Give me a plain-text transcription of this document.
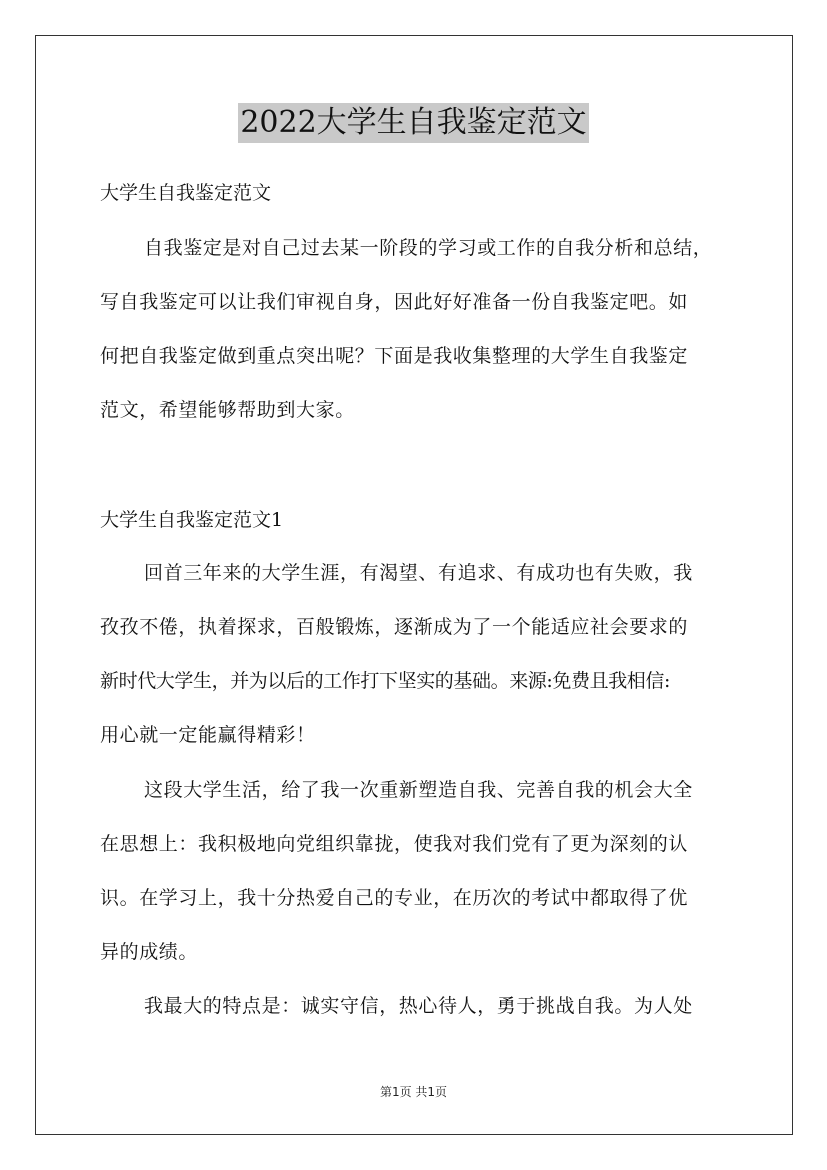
2022大学生自我鉴定范文
大学生自我鉴定范文
自我鉴定是对自己过去某一阶段的学习或工作的自我分析和总结，
写自我鉴定可以让我们审视自身，因此好好准备一份自我鉴定吧。如
何把自我鉴定做到重点突出呢？下面是我收集整理的大学生自我鉴定
范文，希望能够帮助到大家。
大学生自我鉴定范文1
回首三年来的大学生涯，有渴望、有追求、有成功也有失败，我
孜孜不倦，执着探求，百般锻炼，逐渐成为了一个能适应社会要求的
新时代大学生，并为以后的工作打下坚实的基础。来源:免费且我相信:
用心就一定能赢得精彩！
这段大学生活，给了我一次重新塑造自我、完善自我的机会大全
在思想上：我积极地向党组织靠拢，使我对我们党有了更为深刻的认
识。在学习上，我十分热爱自己的专业，在历次的考试中都取得了优
异的成绩。
我最大的特点是：诚实守信，热心待人，勇于挑战自我。为人处
第1页 共1页
